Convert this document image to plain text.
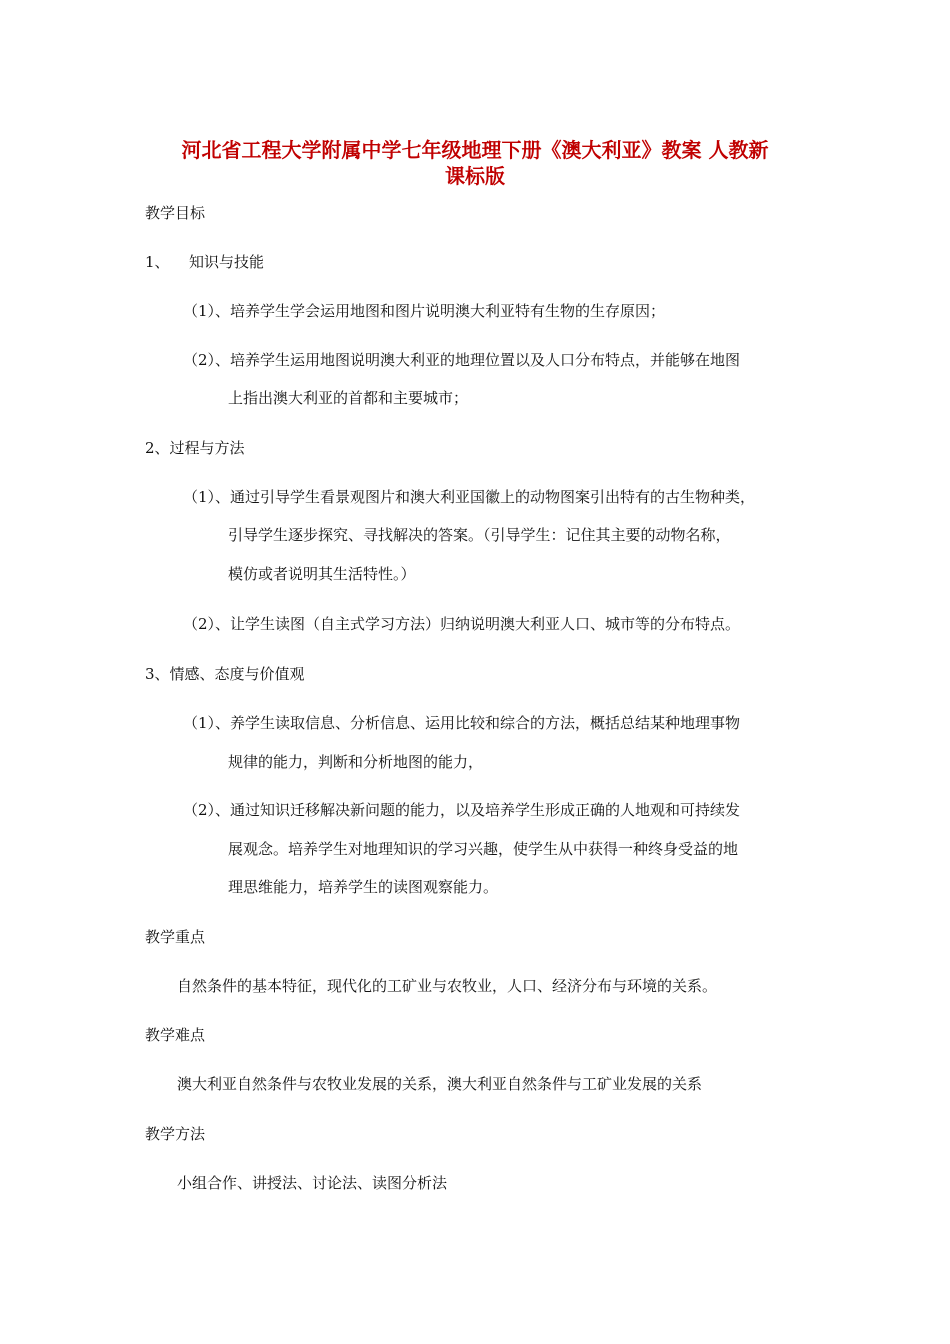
河北省工程大学附属中学七年级地理下册《澳大利亚》教案 人教新
课标版
教学目标
1、 知识与技能
（1）、培养学生学会运用地图和图片说明澳大利亚特有生物的生存原因；
（2）、培养学生运用地图说明澳大利亚的地理位置以及人口分布特点，并能够在地图
上指出澳大利亚的首都和主要城市；
2、过程与方法
（1）、通过引导学生看景观图片和澳大利亚国徽上的动物图案引出特有的古生物种类，
引导学生逐步探究、寻找解决的答案。（引导学生：记住其主要的动物名称，
模仿或者说明其生活特性。）
（2）、让学生读图（自主式学习方法）归纳说明澳大利亚人口、城市等的分布特点。
3、情感、态度与价值观
（1）、养学生读取信息、分析信息、运用比较和综合的方法，概括总结某种地理事物
规律的能力，判断和分析地图的能力，
（2）、通过知识迁移解决新问题的能力，以及培养学生形成正确的人地观和可持续发
展观念。培养学生对地理知识的学习兴趣，使学生从中获得一种终身受益的地
理思维能力，培养学生的读图观察能力。
教学重点
自然条件的基本特征，现代化的工矿业与农牧业，人口、经济分布与环境的关系。
教学难点
澳大利亚自然条件与农牧业发展的关系，澳大利亚自然条件与工矿业发展的关系
教学方法
小组合作、讲授法、讨论法、读图分析法
